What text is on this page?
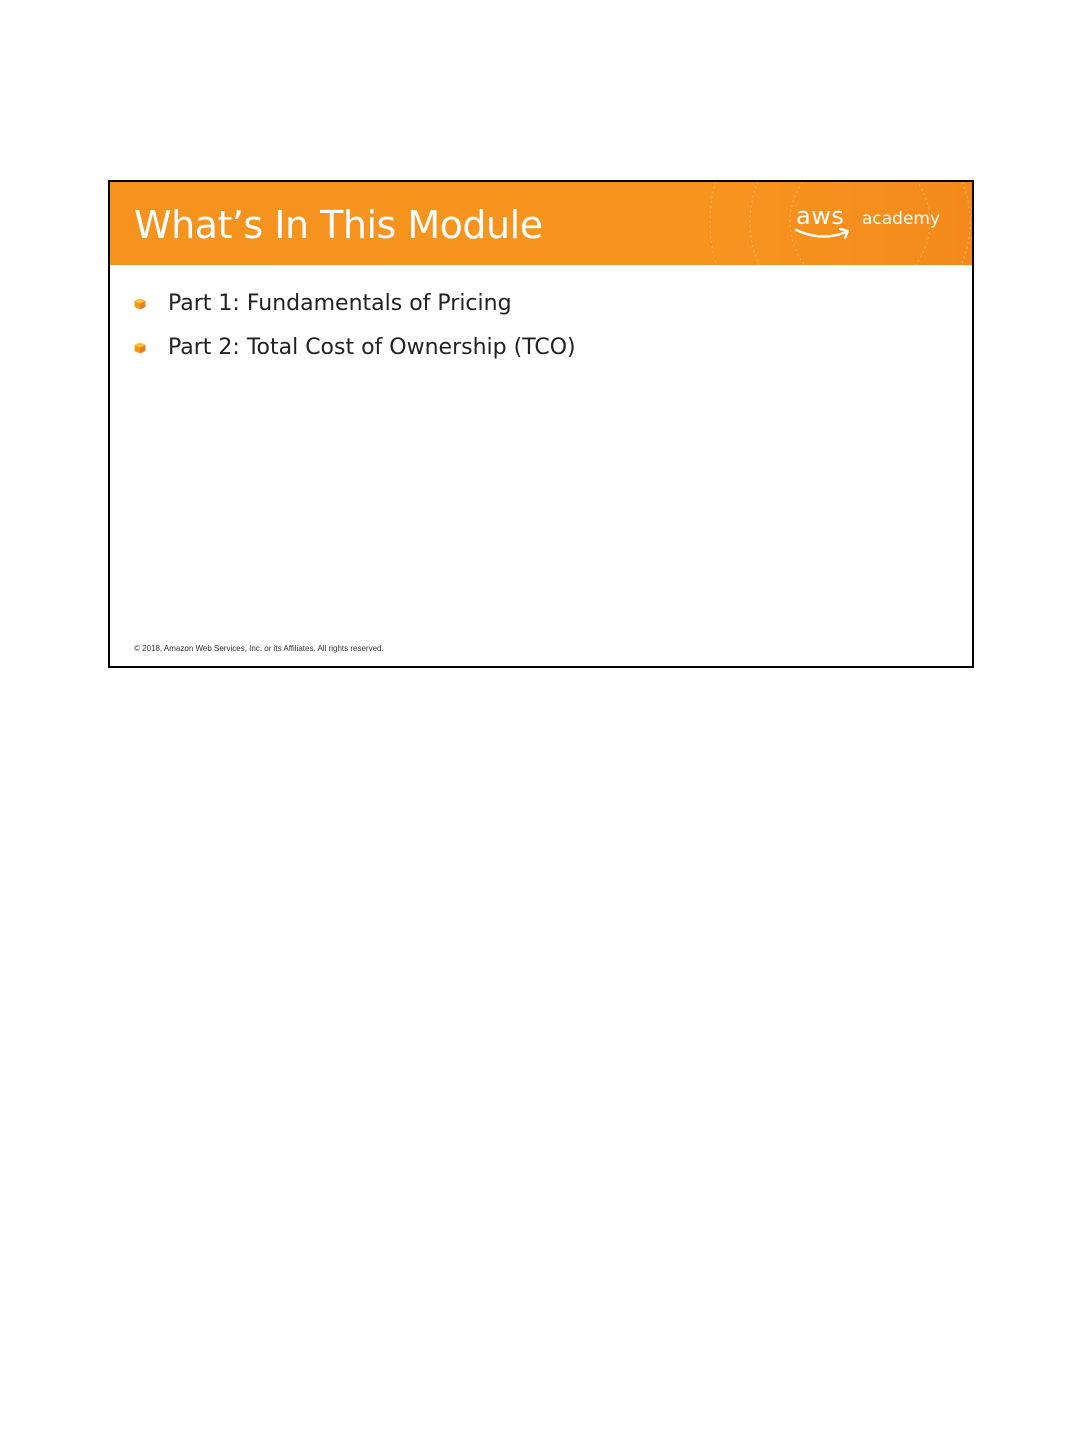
What’s In This Module	aws academy
Part 1: Fundamentals of Pricing
Part 2: Total Cost of Ownership (TCO)
© 2018, Amazon Web Services, Inc. or its Affiliates. All rights reserved.
